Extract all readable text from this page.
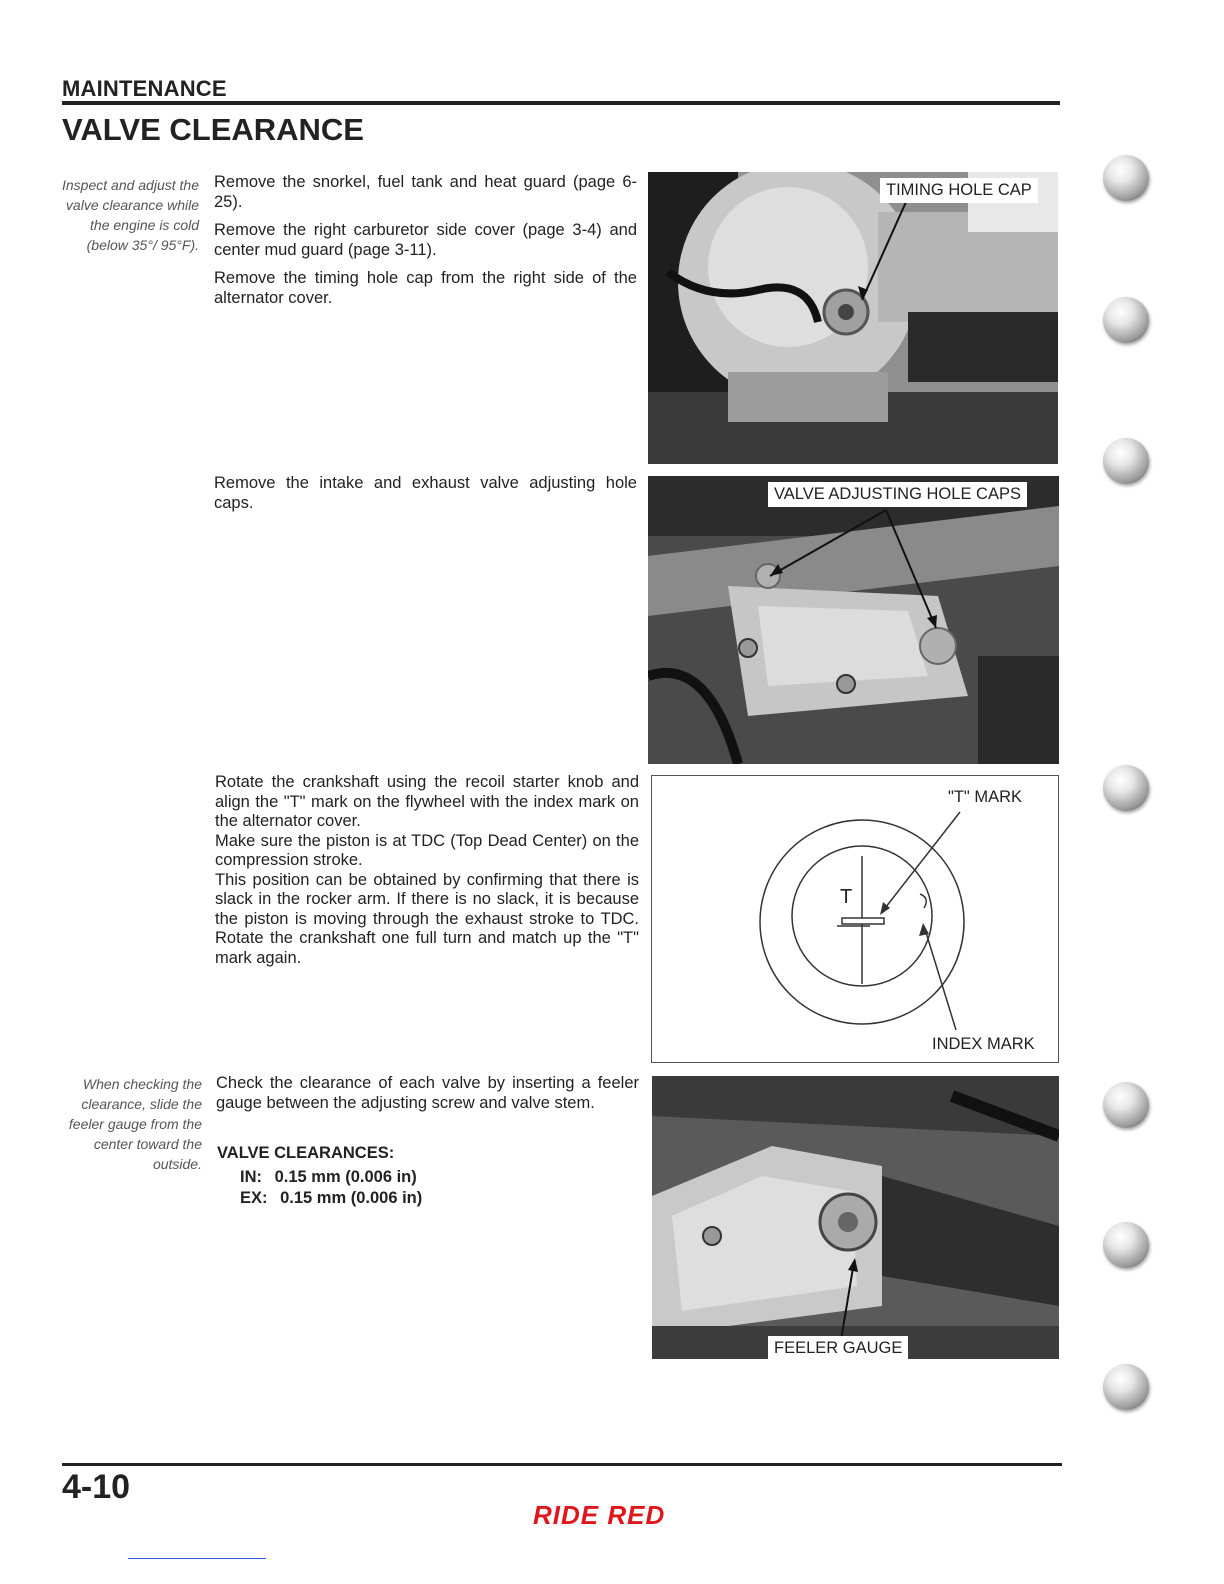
MAINTENANCE
VALVE CLEARANCE
Inspect and adjust the valve clearance while the engine is cold (below 35°/ 95°F).
When checking the clearance, slide the feeler gauge from the center toward the outside.

Remove the snorkel, fuel tank and heat guard (page 6-25).

Remove the right carburetor side cover (page 3-4) and center mud guard (page 3-11).

Remove the timing hole cap from the right side of the alternator cover.

Remove the intake and exhaust valve adjusting hole caps.

Rotate the crankshaft using the recoil starter knob and align the "T" mark on the flywheel with the index mark on the alternator cover.

Make sure the piston is at TDC (Top Dead Center) on the compression stroke.

This position can be obtained by confirming that there is slack in the rocker arm. If there is no slack, it is because the piston is moving through the exhaust stroke to TDC. Rotate the crankshaft one full turn and match up the "T" mark again.

Check the clearance of each valve by inserting a feeler gauge between the adjusting screw and valve stem.

VALVE CLEARANCES:
IN: 0.15 mm (0.006 in)
EX: 0.15 mm (0.006 in)
TIMING HOLE CAP
VALVE ADJUSTING HOLE CAPS
T
"T" MARK
INDEX MARK
FEELER GAUGE
4-10
RIDE RED
